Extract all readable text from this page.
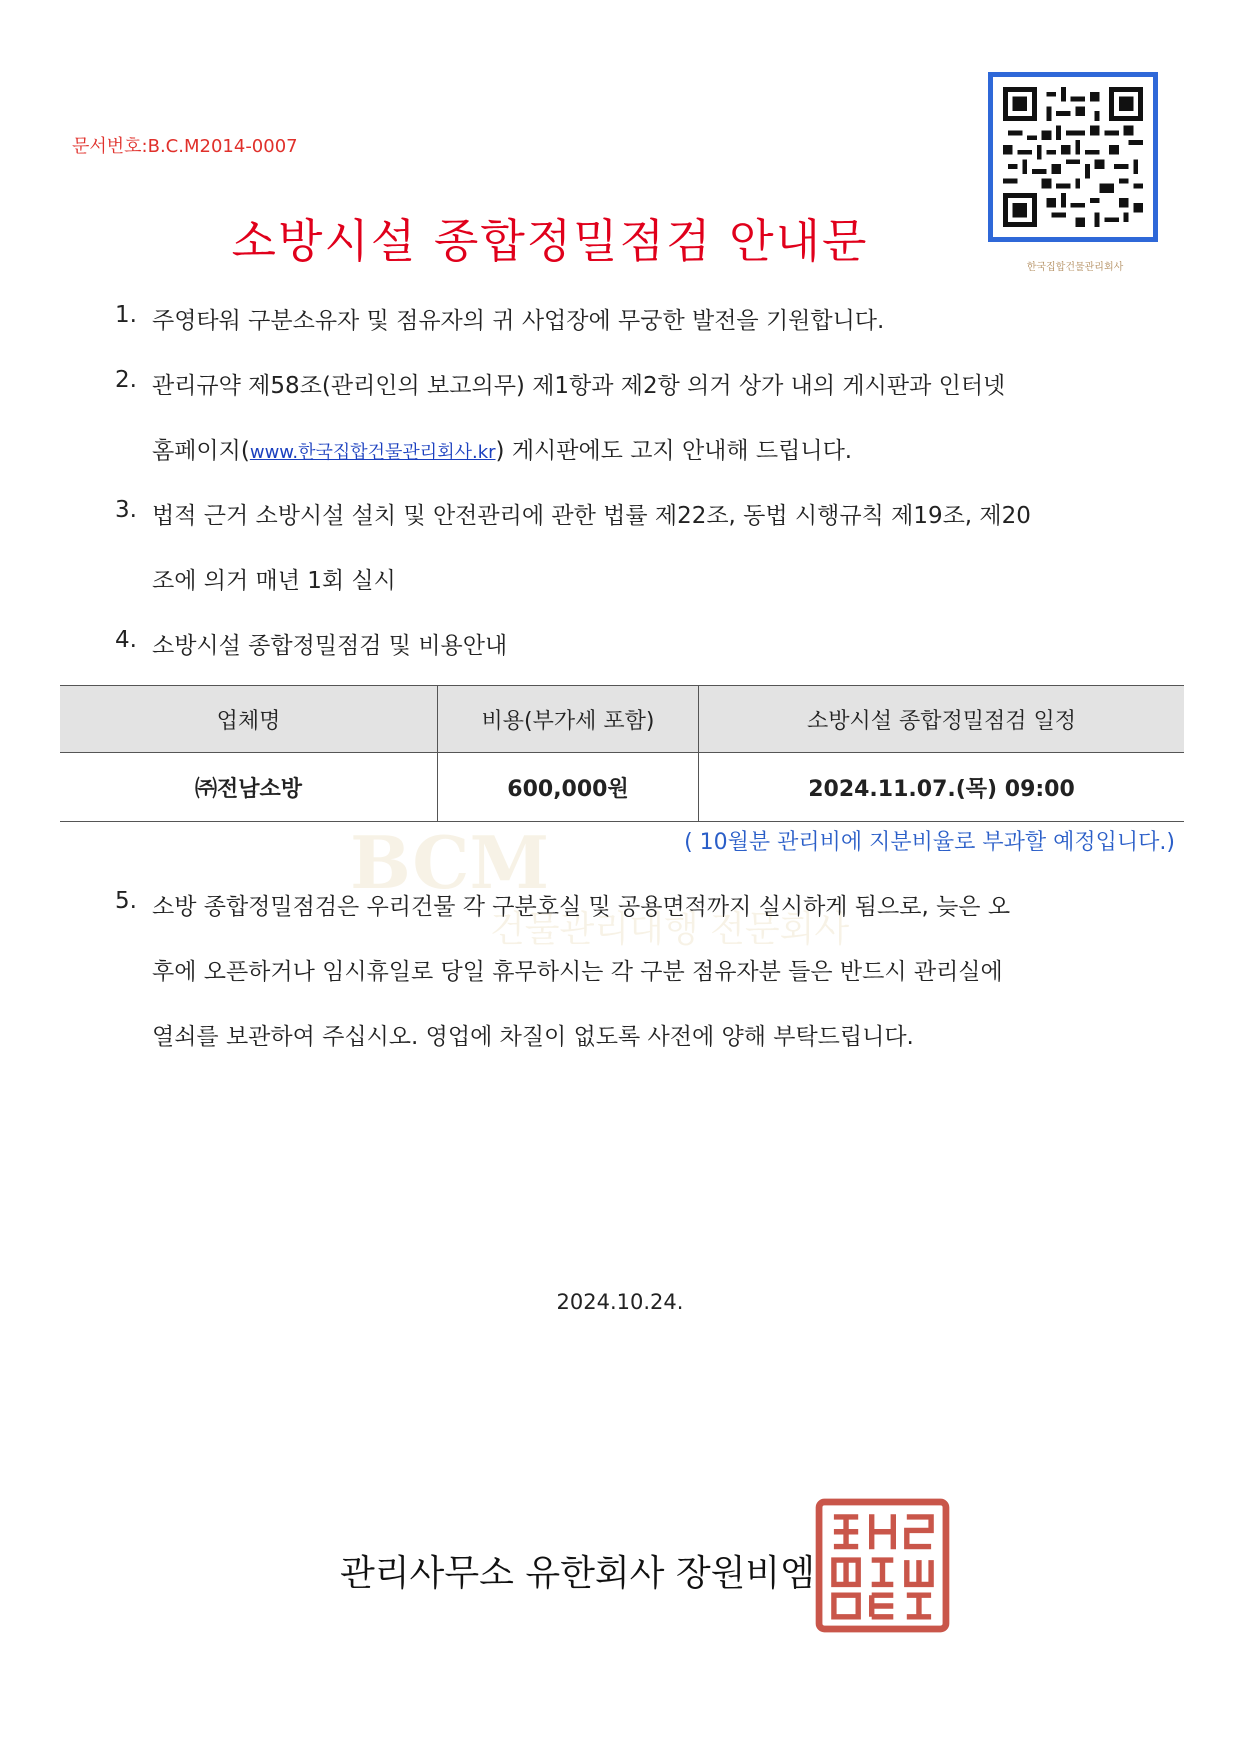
문서번호:B.C.M2014-0007
한국집합건물관리회사
소방시설 종합정밀점검 안내문
BCM
건물관리대행 전문회사
1. 주영타워 구분소유자 및 점유자의 귀 사업장에 무궁한 발전을 기원합니다.
2. 관리규약 제58조(관리인의 보고의무) 제1항과 제2항 의거 상가 내의 게시판과 인터넷
홈페이지(www.한국집합건물관리회사.kr) 게시판에도 고지 안내해 드립니다.
3. 법적 근거 소방시설 설치 및 안전관리에 관한 법률 제22조, 동법 시행규칙 제19조, 제20
조에 의거 매년 1회 실시
4. 소방시설 종합정밀점검 및 비용안내
업체명	비용(부가세 포함)	소방시설 종합정밀점검 일정
㈜전남소방	600,000원	2024.11.07.(목) 09:00
( 10월분 관리비에 지분비율로 부과할 예정입니다.)
5. 소방 종합정밀점검은 우리건물 각 구분호실 및 공용면적까지 실시하게 됨으로, 늦은 오
후에 오픈하거나 임시휴일로 당일 휴무하시는 각 구분 점유자분 들은 반드시 관리실에
열쇠를 보관하여 주십시오. 영업에 차질이 없도록 사전에 양해 부탁드립니다.
2024.10.24.
관리사무소 유한회사 장원비엠
